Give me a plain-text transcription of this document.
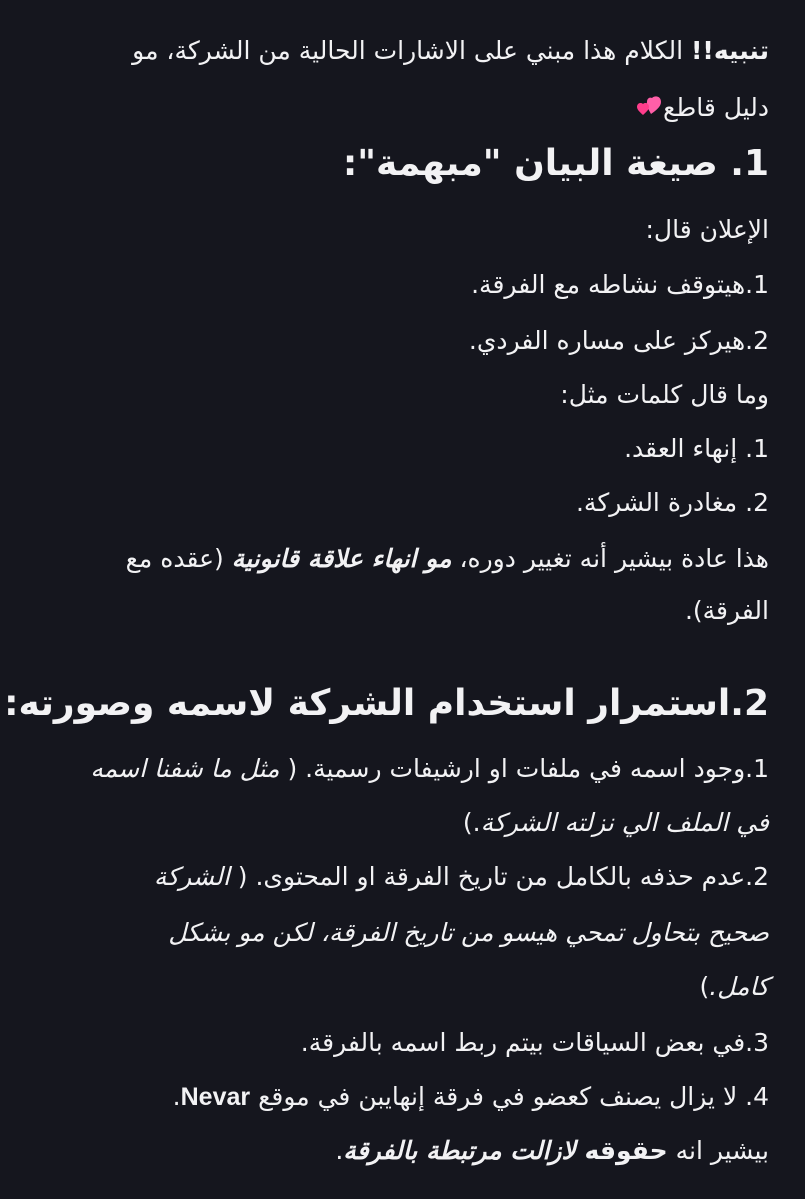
تنبيه!! الكلام هذا مبني على الاشارات الحالية من الشركة، مو
دليل قاطع
1. صيغة البيان "مبهمة":
الإعلان قال:
1.هيتوقف نشاطه مع الفرقة.
2.هيركز على مساره الفردي.
وما قال كلمات مثل:
1. إنهاء العقد.
2. مغادرة الشركة.
هذا عادة بيشير أنه تغيير دوره، مو انهاء علاقة قانونية (عقده مع
الفرقة).
2.استمرار استخدام الشركة لاسمه وصورته:
1.وجود اسمه في ملفات او ارشيفات رسمية. ( مثل ما شفنا اسمه
في الملف الي نزلته الشركة.)
2.عدم حذفه بالكامل من تاريخ الفرقة او المحتوى. ( الشركة
صحيح بتحاول تمحي هيسو من تاريخ الفرقة، لكن مو بشكل
كامل.)
3.في بعض السياقات بيتم ربط اسمه بالفرقة.
4. لا يزال يصنف كعضو في فرقة إنهايبن في موقع Nevar.
بيشير انه حقوقه لازالت مرتبطة بالفرقة.
